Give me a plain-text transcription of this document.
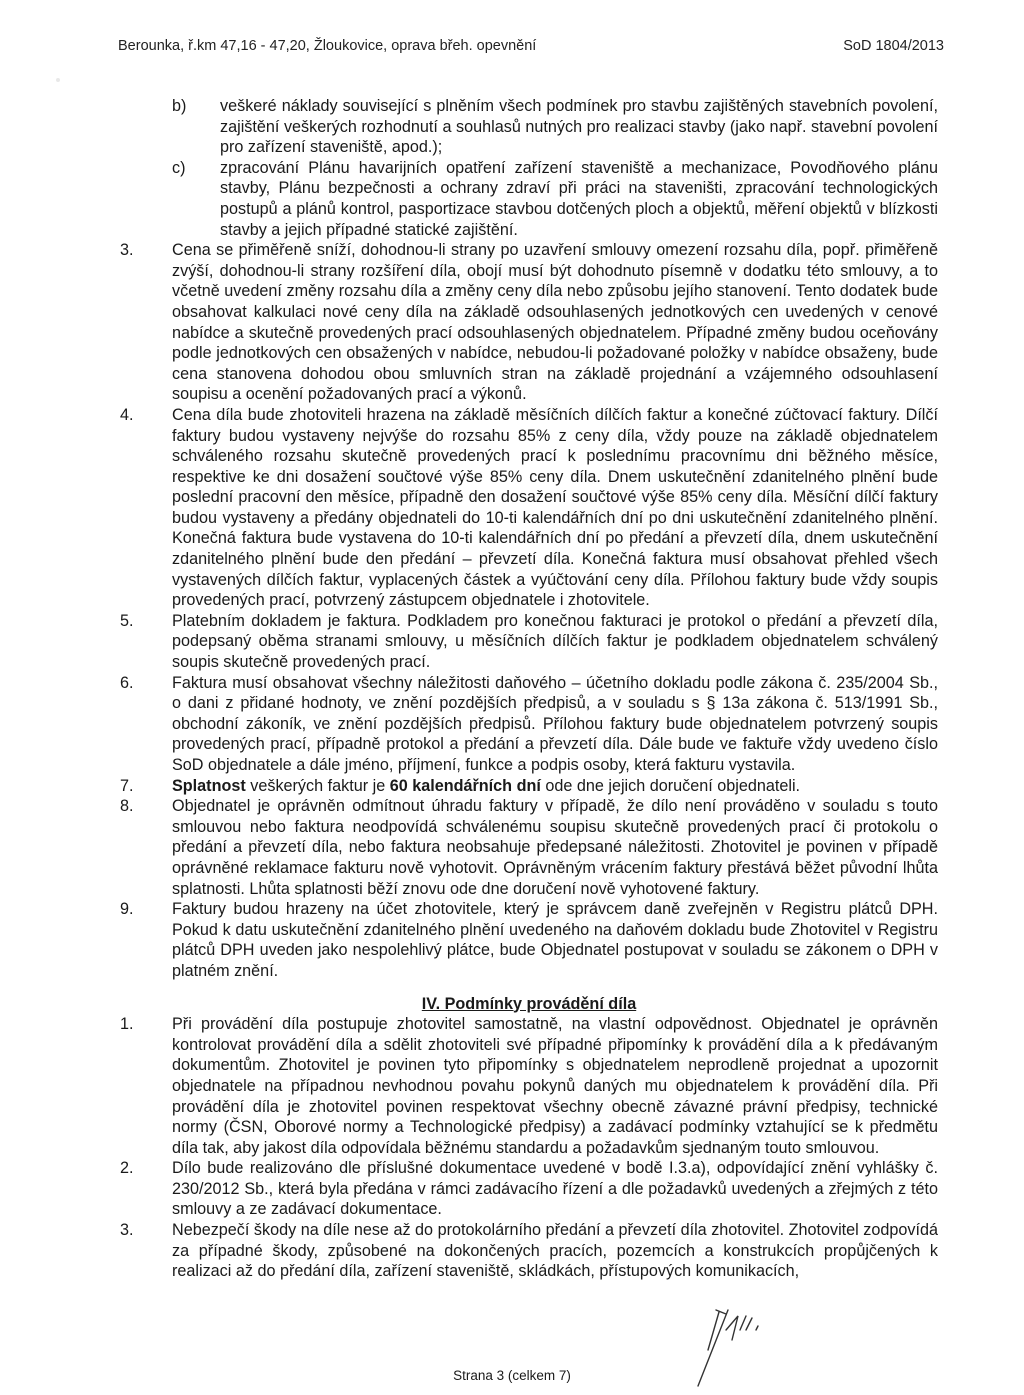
Berounka, ř.km 47,16 - 47,20, Žloukovice, oprava břeh. opevnění	SoD 1804/2013
b)	veškeré náklady související s plněním všech podmínek pro stavbu zajištěných stavebních povolení, zajištění veškerých rozhodnutí a souhlasů nutných pro realizaci stavby (jako např. stavební povolení pro zařízení staveniště, apod.);
c)	zpracování Plánu havarijních opatření zařízení staveniště a mechanizace, Povodňového plánu stavby, Plánu bezpečnosti a ochrany zdraví při práci na staveništi, zpracování technologických postupů a plánů kontrol, pasportizace stavbou dotčených ploch a objektů, měření objektů v blízkosti stavby a jejich případné statické zajištění.
3.	Cena se přiměřeně sníží, dohodnou-li strany po uzavření smlouvy omezení rozsahu díla, popř. přiměřeně zvýší, dohodnou-li strany rozšíření díla, obojí musí být dohodnuto písemně v dodatku této smlouvy, a to včetně uvedení změny rozsahu díla a změny ceny díla nebo způsobu jejího stanovení. Tento dodatek bude obsahovat kalkulaci nové ceny díla na základě odsouhlasených jednotkových cen uvedených v cenové nabídce a skutečně provedených prací odsouhlasených objednatelem. Případné změny budou oceňovány podle jednotkových cen obsažených v nabídce, nebudou-li požadované položky v nabídce obsaženy, bude cena stanovena dohodou obou smluvních stran na základě projednání a vzájemného odsouhlasení soupisu a ocenění požadovaných prací a výkonů.
4.	Cena díla bude zhotoviteli hrazena na základě měsíčních dílčích faktur a konečné zúčtovací faktury. Dílčí faktury budou vystaveny nejvýše do rozsahu 85% z ceny díla, vždy pouze na základě objednatelem schváleného rozsahu skutečně provedených prací k poslednímu pracovnímu dni běžného měsíce, respektive ke dni dosažení součtové výše 85% ceny díla. Dnem uskutečnění zdanitelného plnění bude poslední pracovní den měsíce, případně den dosažení součtové výše 85% ceny díla. Měsíční dílčí faktury budou vystaveny a předány objednateli do 10-ti kalendářních dní po dni uskutečnění zdanitelného plnění. Konečná faktura bude vystavena do 10-ti kalendářních dní po předání a převzetí díla, dnem uskutečnění zdanitelného plnění bude den předání – převzetí díla. Konečná faktura musí obsahovat přehled všech vystavených dílčích faktur, vyplacených částek a vyúčtování ceny díla. Přílohou faktury bude vždy soupis provedených prací, potvrzený zástupcem objednatele i zhotovitele.
5.	Platebním dokladem je faktura. Podkladem pro konečnou fakturaci je protokol o předání a převzetí díla, podepsaný oběma stranami smlouvy, u měsíčních dílčích faktur je podkladem objednatelem schválený soupis skutečně provedených prací.
6.	Faktura musí obsahovat všechny náležitosti daňového – účetního dokladu podle zákona č. 235/2004 Sb., o dani z přidané hodnoty, ve znění pozdějších předpisů, a v souladu s § 13a zákona č. 513/1991 Sb., obchodní zákoník, ve znění pozdějších předpisů. Přílohou faktury bude objednatelem potvrzený soupis provedených prací, případně protokol a předání a převzetí díla. Dále bude ve faktuře vždy uvedeno číslo SoD objednatele a dále jméno, příjmení, funkce a podpis osoby, která fakturu vystavila.
7.	Splatnost veškerých faktur je 60 kalendářních dní ode dne jejich doručení objednateli.
8.	Objednatel je oprávněn odmítnout úhradu faktury v případě, že dílo není prováděno v souladu s touto smlouvou nebo faktura neodpovídá schválenému soupisu skutečně provedených prací či protokolu o předání a převzetí díla, nebo faktura neobsahuje předepsané náležitosti. Zhotovitel je povinen v případě oprávněné reklamace fakturu nově vyhotovit. Oprávněným vrácením faktury přestává běžet původní lhůta splatnosti. Lhůta splatnosti běží znovu ode dne doručení nově vyhotovené faktury.
9.	Faktury budou hrazeny na účet zhotovitele, který je správcem daně zveřejněn v Registru plátců DPH. Pokud k datu uskutečnění zdanitelného plnění uvedeného na daňovém dokladu bude Zhotovitel v Registru plátců DPH uveden jako nespolehlivý plátce, bude Objednatel postupovat v souladu se zákonem o DPH v platném znění.
IV. Podmínky provádění díla
1.	Při provádění díla postupuje zhotovitel samostatně, na vlastní odpovědnost. Objednatel je oprávněn kontrolovat provádění díla a sdělit zhotoviteli své případné připomínky k provádění díla a k předávaným dokumentům. Zhotovitel je povinen tyto připomínky s objednatelem neprodleně projednat a upozornit objednatele na případnou nevhodnou povahu pokynů daných mu objednatelem k provádění díla. Při provádění díla je zhotovitel povinen respektovat všechny obecně závazné právní předpisy, technické normy (ČSN, Oborové normy a Technologické předpisy) a zadávací podmínky vztahující se k předmětu díla tak, aby jakost díla odpovídala běžnému standardu a požadavkům sjednaným touto smlouvou.
2.	Dílo bude realizováno dle příslušné dokumentace uvedené v bodě I.3.a), odpovídající znění vyhlášky č. 230/2012 Sb., která byla předána v rámci zadávacího řízení a dle požadavků uvedených a zřejmých z této smlouvy a ze zadávací dokumentace.
3.	Nebezpečí škody na díle nese až do protokolárního předání a převzetí díla zhotovitel. Zhotovitel zodpovídá za případné škody, způsobené na dokončených pracích, pozemcích a konstrukcích propůjčených k realizaci až do předání díla, zařízení staveniště, skládkách, přístupových komunikacích,
Strana 3 (celkem 7)
